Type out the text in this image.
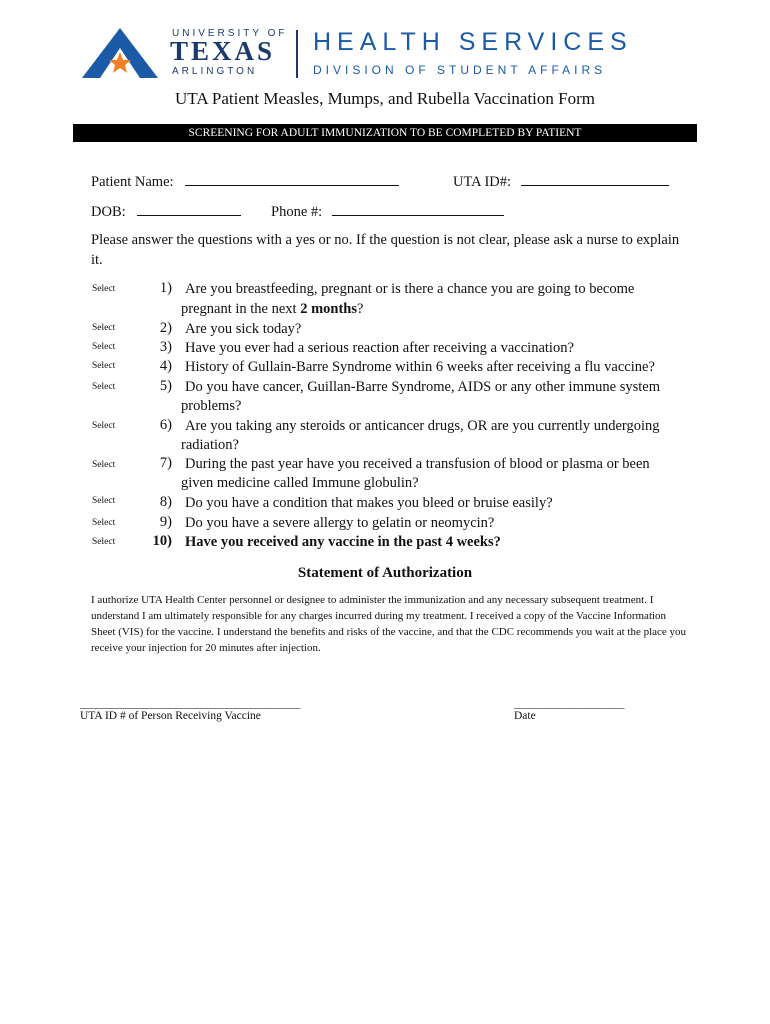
UNIVERSITY OF
TEXAS
ARLINGTON
HEALTH SERVICES
DIVISION OF STUDENT AFFAIRS
UTA Patient Measles, Mumps, and Rubella Vaccination Form
SCREENING FOR ADULT IMMUNIZATION TO BE COMPLETED BY PATIENT
Patient Name:	UTA ID#:
DOB:	Phone #:
Please answer the questions with a yes or no. If the question is not clear, please ask a nurse to explain it.
Select	1) Are you breastfeeding, pregnant or is there a chance you are going to become
pregnant in the next 2 months?
Select	2) Are you sick today?
Select	3) Have you ever had a serious reaction after receiving a vaccination?
Select	4) History of Gullain-Barre Syndrome within 6 weeks after receiving a flu vaccine?
Select	5) Do you have cancer, Guillan-Barre Syndrome, AIDS or any other immune system
problems?
Select	6) Are you taking any steroids or anticancer drugs, OR are you currently undergoing
radiation?
Select	7) During the past year have you received a transfusion of blood or plasma or been
given medicine called Immune globulin?
Select	8) Do you have a condition that makes you bleed or bruise easily?
Select	9) Do you have a severe allergy to gelatin or neomycin?
Select	10) Have you received any vaccine in the past 4 weeks?
Statement of Authorization
I authorize UTA Health Center personnel or designee to administer the immunization and any necessary subsequent treatment. I understand I am ultimately responsible for any charges incurred during my treatment. I received a copy of the Vaccine Information Sheet (VIS) for the vaccine. I understand the benefits and risks of the vaccine, and that the CDC recommends you wait at the place you receive your injection for 20 minutes after injection.
____________________________________________
UTA ID # of Person Receiving Vaccine
______________________
Date
